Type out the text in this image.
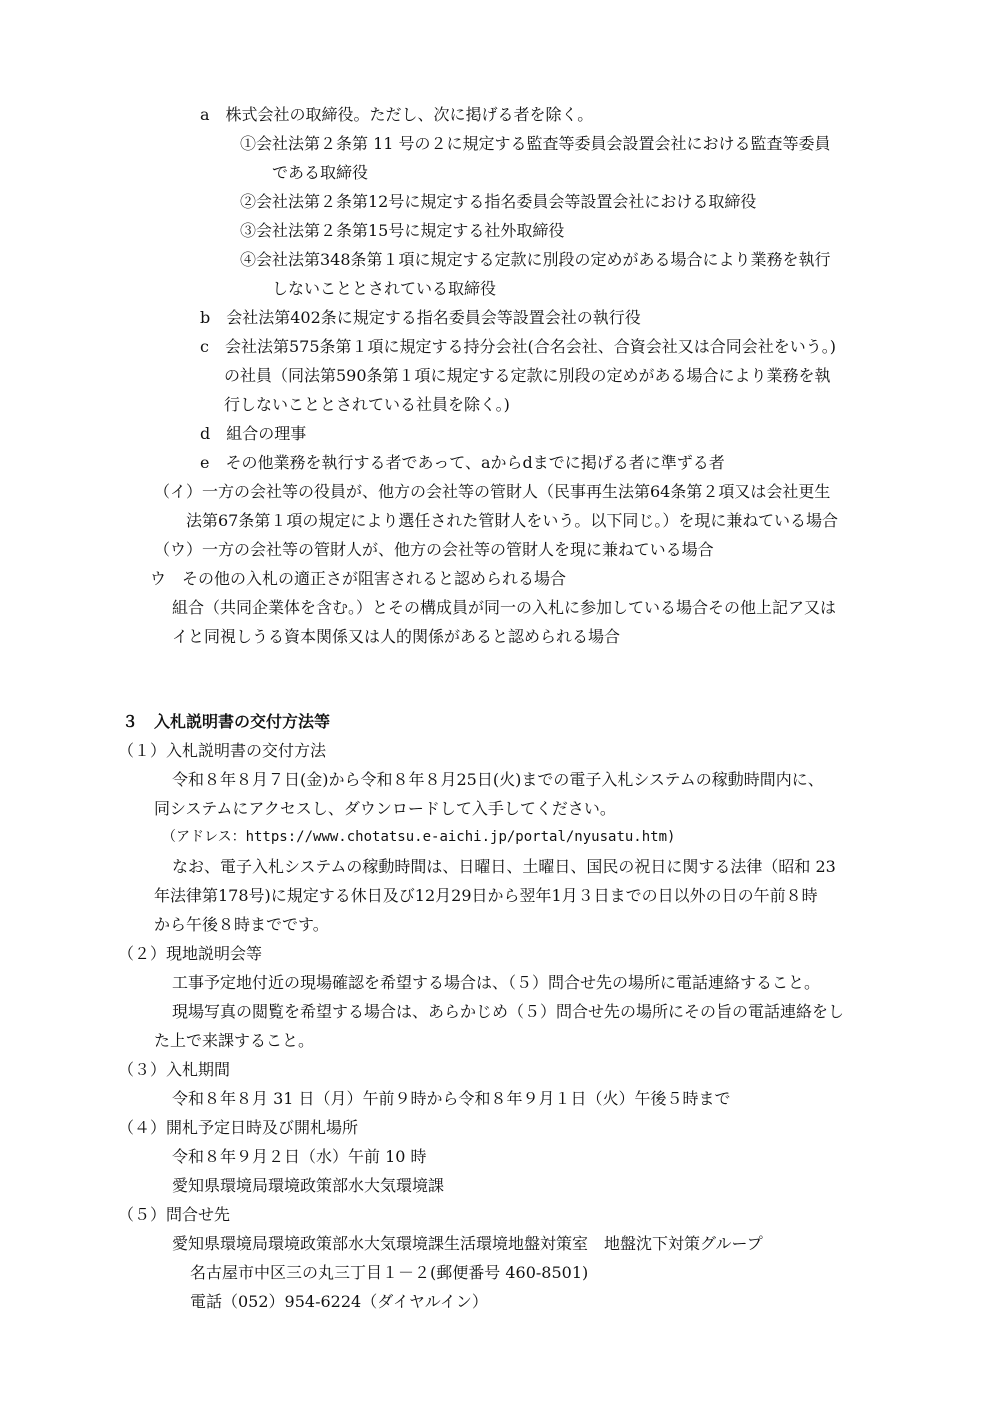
a　株式会社の取締役。ただし、次に掲げる者を除く。
①会社法第２条第 11 号の２に規定する監査等委員会設置会社における監査等委員
である取締役
②会社法第２条第12号に規定する指名委員会等設置会社における取締役
③会社法第２条第15号に規定する社外取締役
④会社法第348条第１項に規定する定款に別段の定めがある場合により業務を執行
しないこととされている取締役
b　会社法第402条に規定する指名委員会等設置会社の執行役
c　会社法第575条第１項に規定する持分会社(合名会社、合資会社又は合同会社をいう。)
の社員（同法第590条第１項に規定する定款に別段の定めがある場合により業務を執
行しないこととされている社員を除く。)
d　組合の理事
e　その他業務を執行する者であって、aからdまでに掲げる者に準ずる者
（イ）一方の会社等の役員が、他方の会社等の管財人（民事再生法第64条第２項又は会社更生
法第67条第１項の規定により選任された管財人をいう。以下同じ。）を現に兼ねている場合
（ウ）一方の会社等の管財人が、他方の会社等の管財人を現に兼ねている場合
ウ　その他の入札の適正さが阻害されると認められる場合
組合（共同企業体を含む。）とその構成員が同一の入札に参加している場合その他上記ア又は
イと同視しうる資本関係又は人的関係があると認められる場合
３　入札説明書の交付方法等
（１）入札説明書の交付方法
令和８年８月７日(金)から令和８年８月25日(火)までの電子入札システムの稼動時間内に、
同システムにアクセスし、ダウンロードして入手してください。
（アドレス：https://www.chotatsu.e-aichi.jp/portal/nyusatu.htm)
なお、電子入札システムの稼動時間は、日曜日、土曜日、国民の祝日に関する法律（昭和 23
年法律第178号)に規定する休日及び12月29日から翌年1月３日までの日以外の日の午前８時
から午後８時までです。
（２）現地説明会等
工事予定地付近の現場確認を希望する場合は、（５）問合せ先の場所に電話連絡すること。
現場写真の閲覧を希望する場合は、あらかじめ（５）問合せ先の場所にその旨の電話連絡をし
た上で来課すること。
（３）入札期間
令和８年８月 31 日（月）午前９時から令和８年９月１日（火）午後５時まで
（４）開札予定日時及び開札場所
令和８年９月２日（水）午前 10 時
愛知県環境局環境政策部水大気環境課
（５）問合せ先
愛知県環境局環境政策部水大気環境課生活環境地盤対策室　地盤沈下対策グループ
名古屋市中区三の丸三丁目１－２(郵便番号 460-8501)
電話（052）954-6224（ダイヤルイン）
